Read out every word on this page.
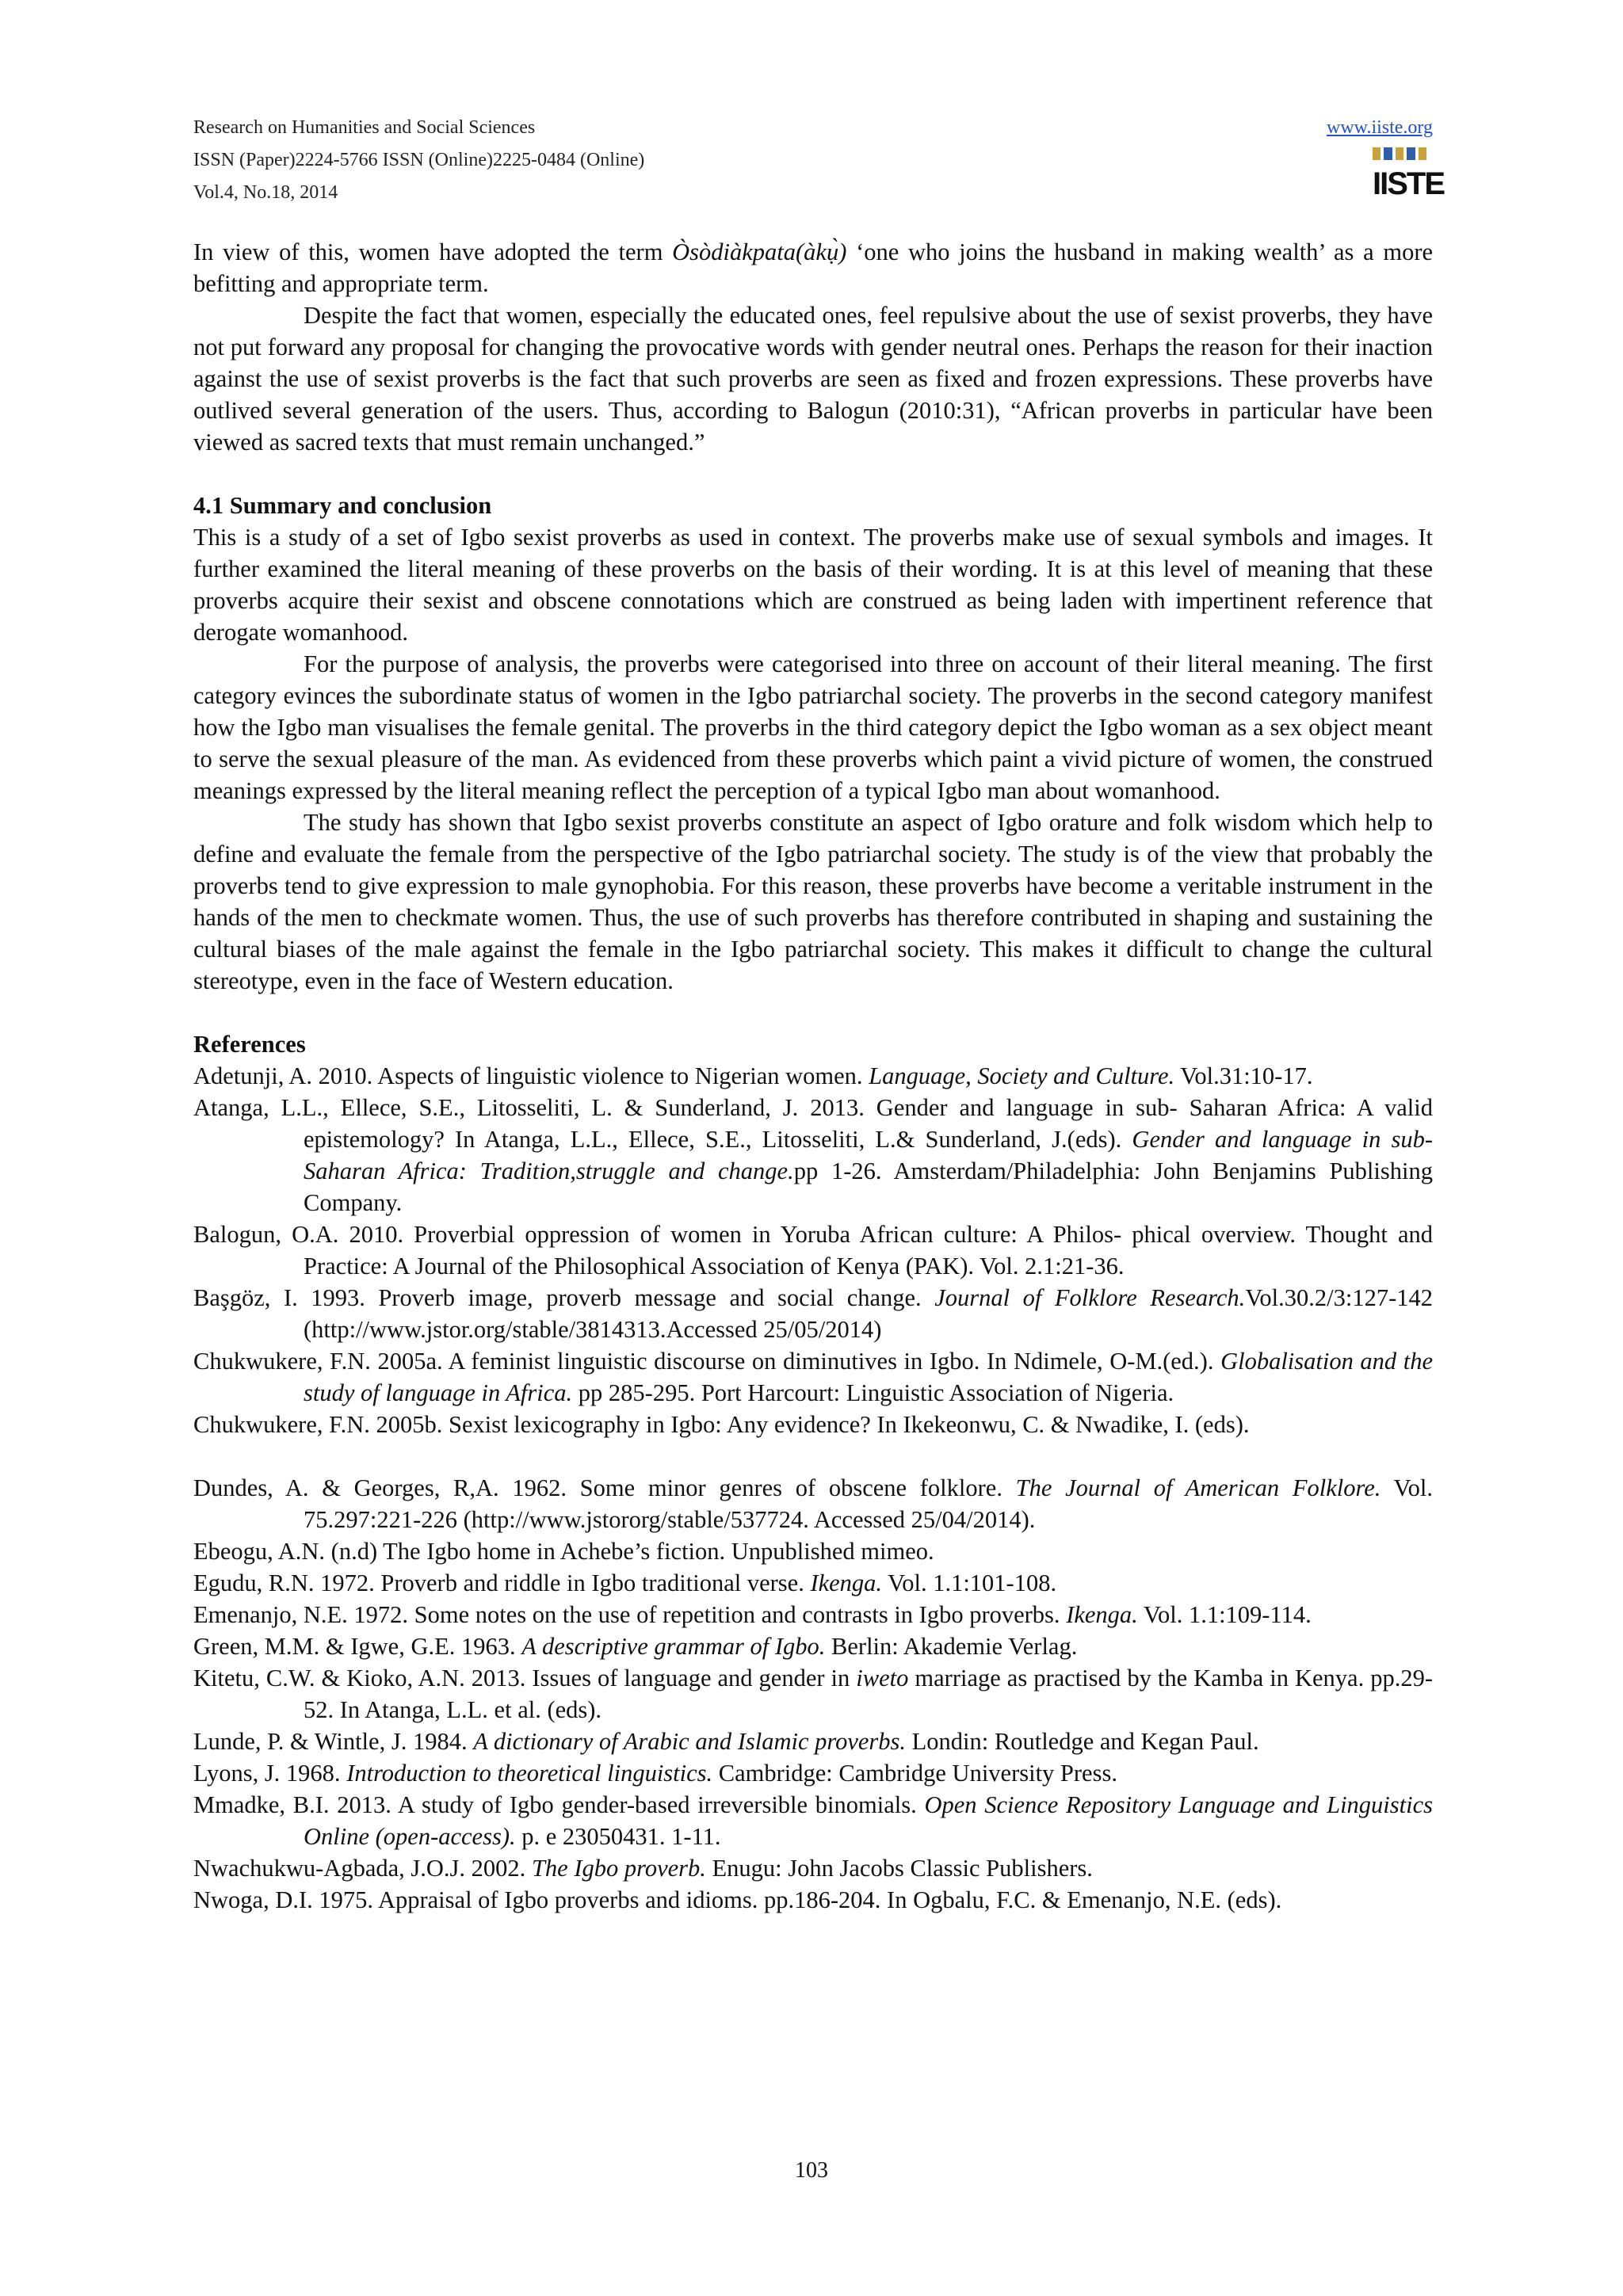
Research on Humanities and Social Sciences
ISSN (Paper)2224-5766 ISSN (Online)2225-0484 (Online)
Vol.4, No.18, 2014
www.iiste.org
IISTE

In view of this, women have adopted the term Òsòdiàkpata(àkụ̀) ‘one who joins the husband in making wealth’ as a more befitting and appropriate term.

Despite the fact that women, especially the educated ones, feel repulsive about the use of sexist proverbs, they have not put forward any proposal for changing the provocative words with gender neutral ones. Perhaps the reason for their inaction against the use of sexist proverbs is the fact that such proverbs are seen as fixed and frozen expressions. These proverbs have outlived several generation of the users. Thus, according to Balogun (2010:31), “African proverbs in particular have been viewed as sacred texts that must remain unchanged.”

4.1 Summary and conclusion

This is a study of a set of Igbo sexist proverbs as used in context. The proverbs make use of sexual symbols and images. It further examined the literal meaning of these proverbs on the basis of their wording. It is at this level of meaning that these proverbs acquire their sexist and obscene connotations which are construed as being laden with impertinent reference that derogate womanhood.

For the purpose of analysis, the proverbs were categorised into three on account of their literal meaning. The first category evinces the subordinate status of women in the Igbo patriarchal society. The proverbs in the second category manifest how the Igbo man visualises the female genital. The proverbs in the third category depict the Igbo woman as a sex object meant to serve the sexual pleasure of the man. As evidenced from these proverbs which paint a vivid picture of women, the construed meanings expressed by the literal meaning reflect the perception of a typical Igbo man about womanhood.

The study has shown that Igbo sexist proverbs constitute an aspect of Igbo orature and folk wisdom which help to define and evaluate the female from the perspective of the Igbo patriarchal society. The study is of the view that probably the proverbs tend to give expression to male gynophobia. For this reason, these proverbs have become a veritable instrument in the hands of the men to checkmate women. Thus, the use of such proverbs has therefore contributed in shaping and sustaining the cultural biases of the male against the female in the Igbo patriarchal society. This makes it difficult to change the cultural stereotype, even in the face of Western education.

References

Adetunji, A. 2010. Aspects of linguistic violence to Nigerian women. Language, Society and Culture. Vol.31:10-17.

Atanga, L.L., Ellece, S.E., Litosseliti, L. & Sunderland, J. 2013. Gender and language in sub- Saharan Africa: A valid epistemology? In Atanga, L.L., Ellece, S.E., Litosseliti, L.& Sunderland, J.(eds). Gender and language in sub-Saharan Africa: Tradition,struggle and change.pp 1-26. Amsterdam/Philadelphia: John Benjamins Publishing Company.

Balogun, O.A. 2010. Proverbial oppression of women in Yoruba African culture: A Philos- phical overview. Thought and Practice: A Journal of the Philosophical Association of Kenya (PAK). Vol. 2.1:21-36.

Başgöz, I. 1993. Proverb image, proverb message and social change. Journal of Folklore Research.Vol.30.2/3:127-142 (http://www.jstor.org/stable/3814313.Accessed 25/05/2014)

Chukwukere, F.N. 2005a. A feminist linguistic discourse on diminutives in Igbo. In Ndimele, O-M.(ed.). Globalisation and the study of language in Africa. pp 285-295. Port Harcourt: Linguistic Association of Nigeria.

Chukwukere, F.N. 2005b. Sexist lexicography in Igbo: Any evidence? In Ikekeonwu, C. & Nwadike, I. (eds).

Dundes, A. & Georges, R,A. 1962. Some minor genres of obscene folklore. The Journal of American Folklore. Vol. 75.297:221-226 (http://www.jstororg/stable/537724. Accessed 25/04/2014).

Ebeogu, A.N. (n.d) The Igbo home in Achebe’s fiction. Unpublished mimeo.

Egudu, R.N. 1972. Proverb and riddle in Igbo traditional verse. Ikenga. Vol. 1.1:101-108.

Emenanjo, N.E. 1972. Some notes on the use of repetition and contrasts in Igbo proverbs. Ikenga. Vol. 1.1:109-114.

Green, M.M. & Igwe, G.E. 1963. A descriptive grammar of Igbo. Berlin: Akademie Verlag.

Kitetu, C.W. & Kioko, A.N. 2013. Issues of language and gender in iweto marriage as practised by the Kamba in Kenya. pp.29-52. In Atanga, L.L. et al. (eds).

Lunde, P. & Wintle, J. 1984. A dictionary of Arabic and Islamic proverbs. Londin: Routledge and Kegan Paul.

Lyons, J. 1968. Introduction to theoretical linguistics. Cambridge: Cambridge University Press.

Mmadke, B.I. 2013. A study of Igbo gender-based irreversible binomials. Open Science Repository Language and Linguistics Online (open-access). p. e 23050431. 1-11.

Nwachukwu-Agbada, J.O.J. 2002. The Igbo proverb. Enugu: John Jacobs Classic Publishers.

Nwoga, D.I. 1975. Appraisal of Igbo proverbs and idioms. pp.186-204. In Ogbalu, F.C. & Emenanjo, N.E. (eds).

103
